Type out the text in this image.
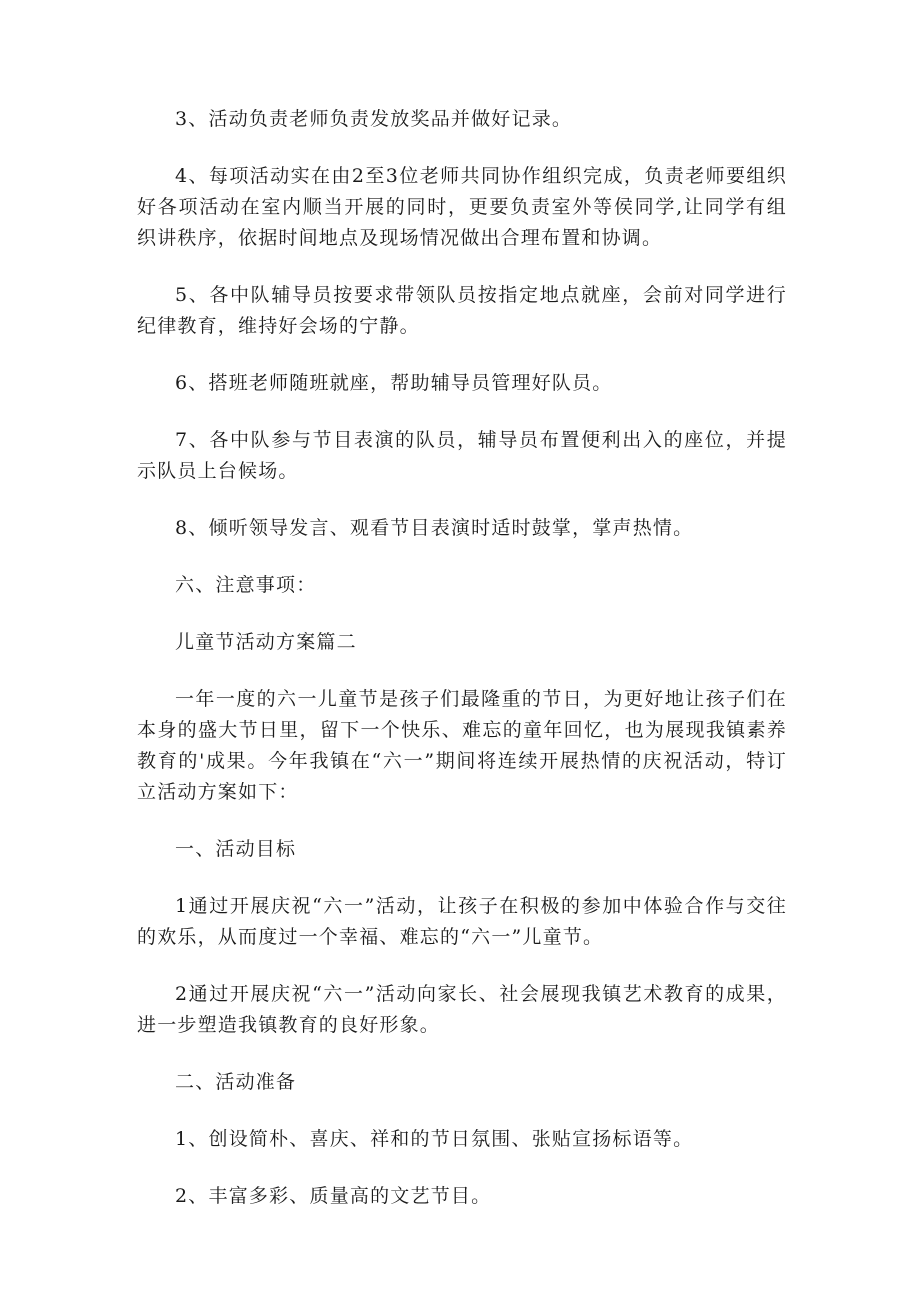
3、活动负责老师负责发放奖品并做好记录。

4、每项活动实在由2至3位老师共同协作组织完成，负责老师要组织好各项活动在室内顺当开展的同时，更要负责室外等侯同学,让同学有组织讲秩序，依据时间地点及现场情况做出合理布置和协调。

5、各中队辅导员按要求带领队员按指定地点就座，会前对同学进行纪律教育，维持好会场的宁静。

6、搭班老师随班就座，帮助辅导员管理好队员。

7、各中队参与节目表演的队员，辅导员布置便利出入的座位，并提示队员上台候场。

8、倾听领导发言、观看节目表演时适时鼓掌，掌声热情。

六、注意事项：

儿童节活动方案篇二

一年一度的六一儿童节是孩子们最隆重的节日，为更好地让孩子们在本身的盛大节日里，留下一个快乐、难忘的童年回忆，也为展现我镇素养教育的'成果。今年我镇在“六一”期间将连续开展热情的庆祝活动，特订立活动方案如下：

一、活动目标

1通过开展庆祝“六一”活动，让孩子在积极的参加中体验合作与交往的欢乐，从而度过一个幸福、难忘的“六一”儿童节。

2通过开展庆祝“六一”活动向家长、社会展现我镇艺术教育的成果，进一步塑造我镇教育的良好形象。

二、活动准备

1、创设简朴、喜庆、祥和的节日氛围、张贴宣扬标语等。

2、丰富多彩、质量高的文艺节目。
